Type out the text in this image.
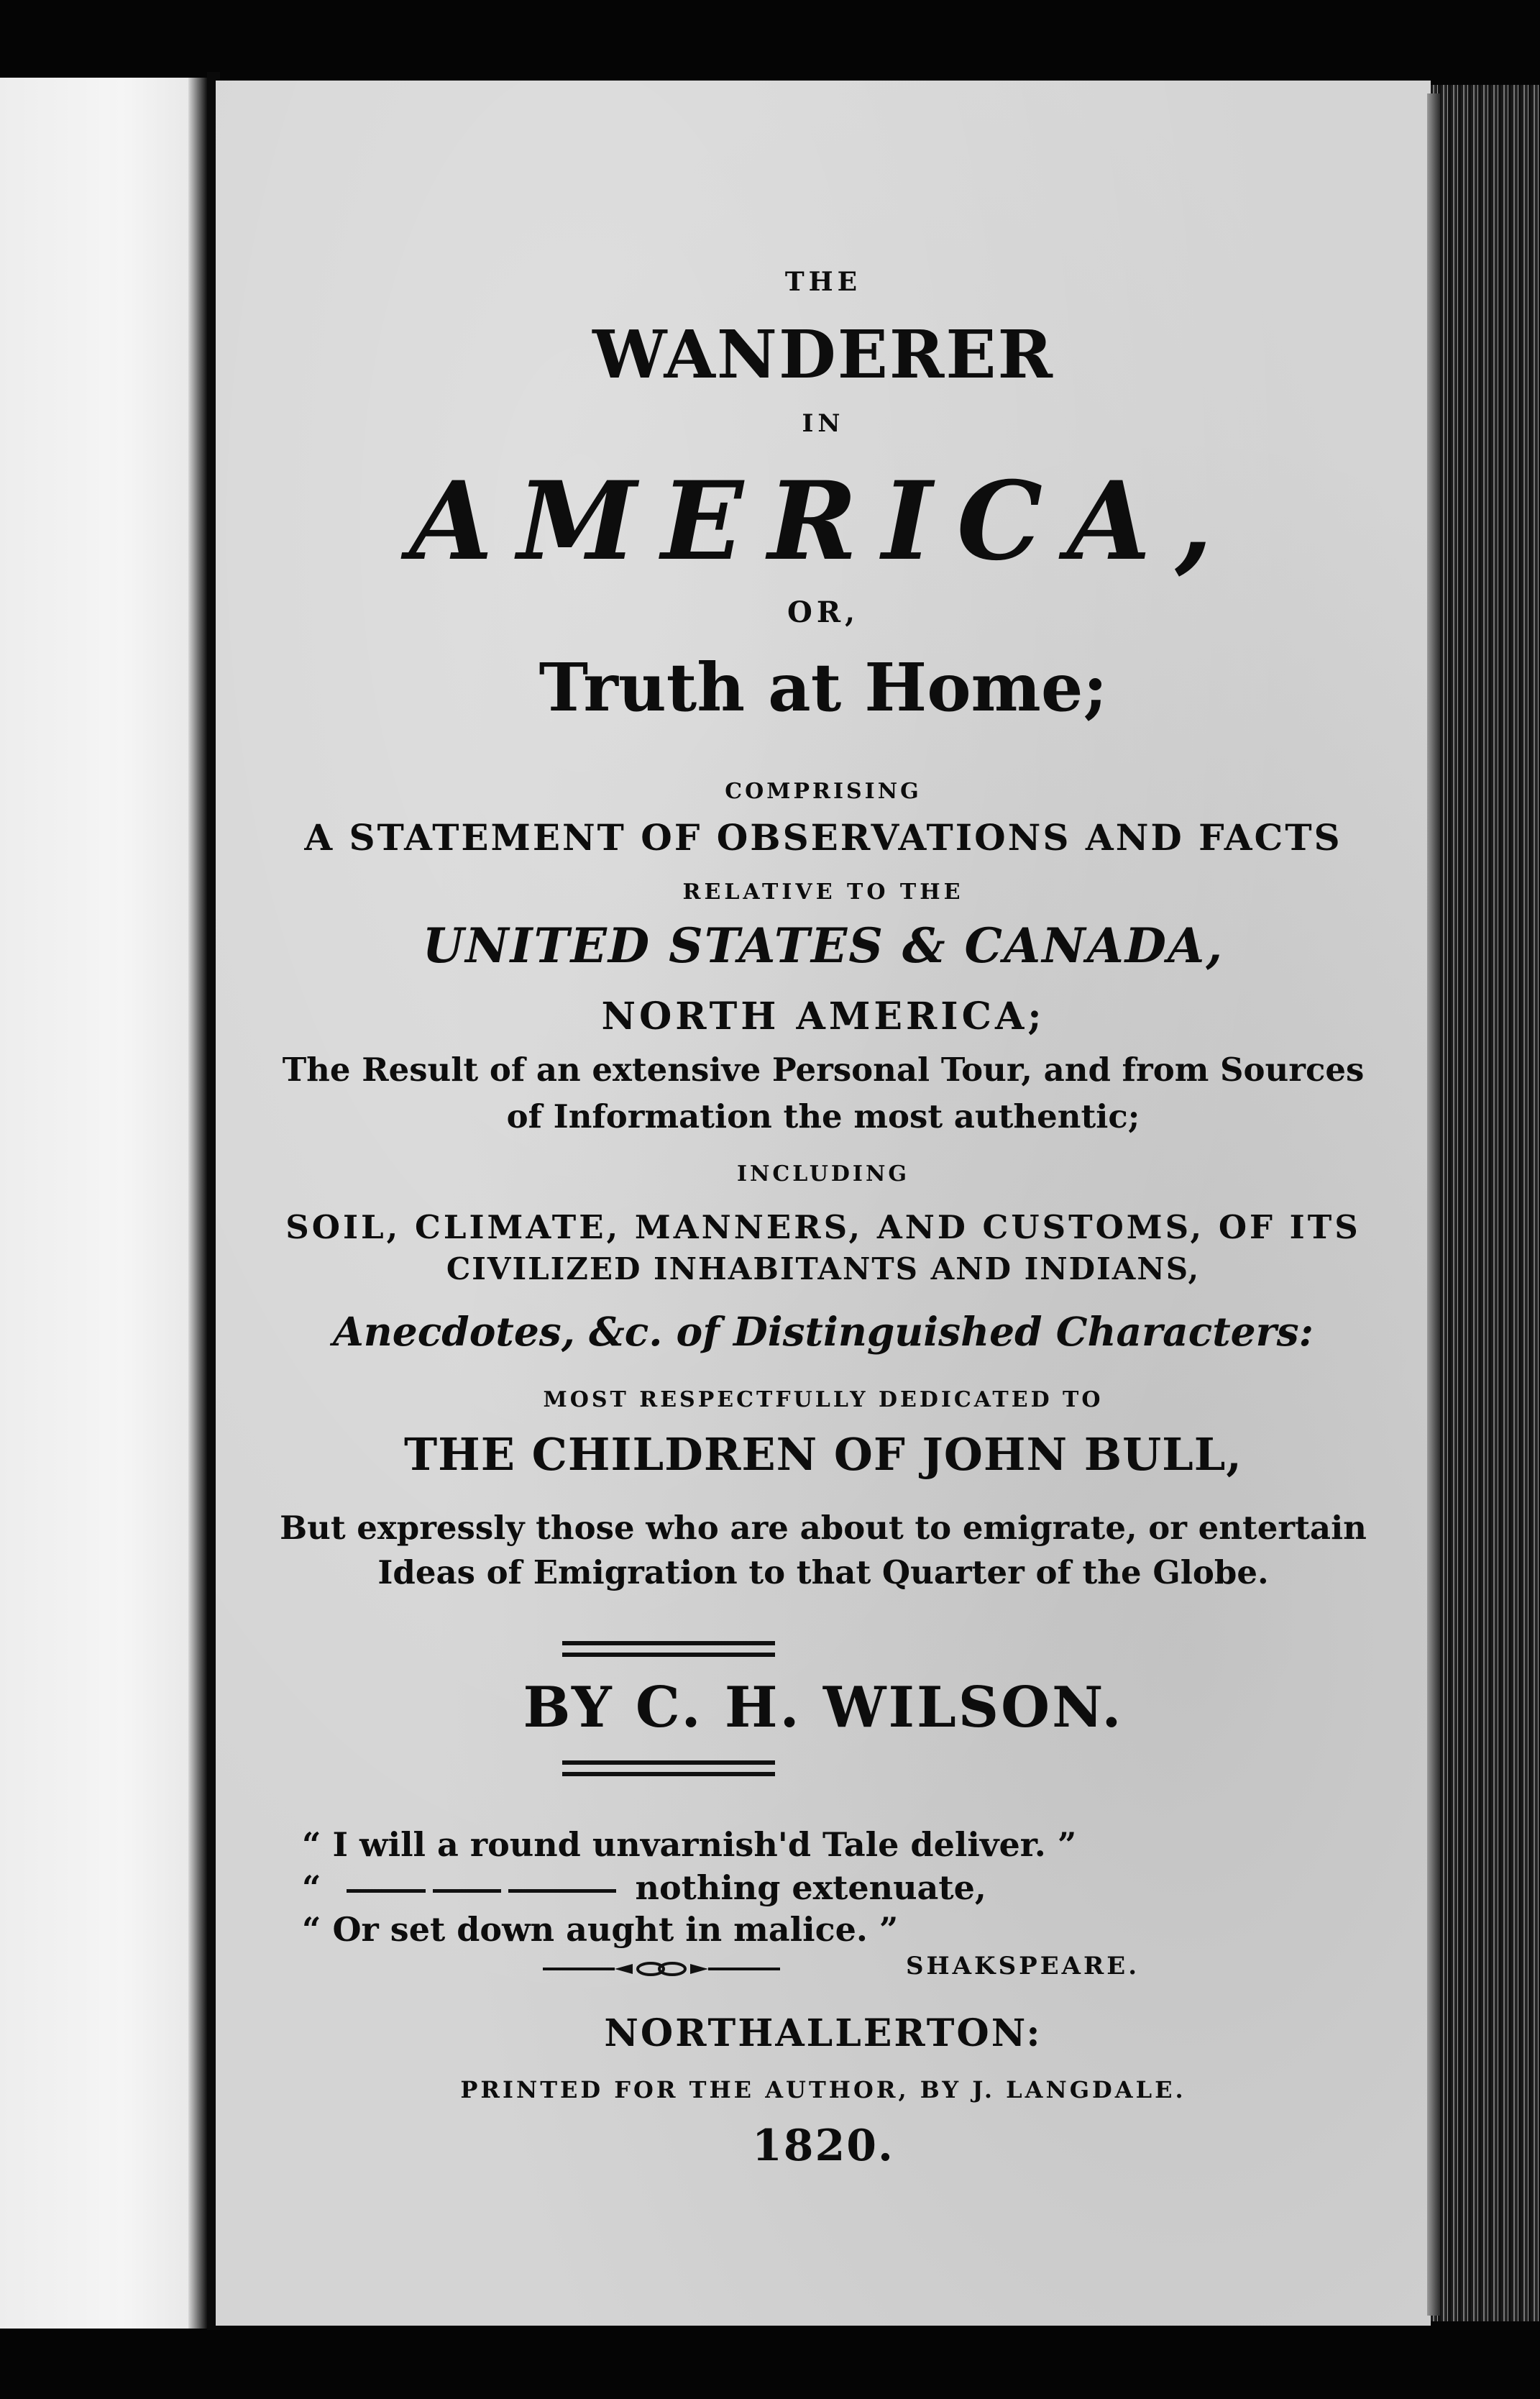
THE
WANDERER
IN
AMERICA,
OR,
Truth at Home;
COMPRISING
A STATEMENT OF OBSERVATIONS AND FACTS
RELATIVE TO THE
UNITED STATES & CANADA,
NORTH AMERICA;
The Result of an extensive Personal Tour, and from Sources
of Information the most authentic;
INCLUDING
SOIL, CLIMATE, MANNERS, AND CUSTOMS, OF ITS
CIVILIZED INHABITANTS AND INDIANS,
Anecdotes, &c. of Distinguished Characters:
MOST RESPECTFULLY DEDICATED TO
THE CHILDREN OF JOHN BULL,
But expressly those who are about to emigrate, or entertain
Ideas of Emigration to that Quarter of the Globe.
BY C. H. WILSON.
“ I will a round unvarnish'd Tale deliver. ”
“	nothing extenuate,
“ Or set down aught in malice. ”
SHAKSPEARE.
NORTHALLERTON:
PRINTED FOR THE AUTHOR, BY J. LANGDALE.
1820.
